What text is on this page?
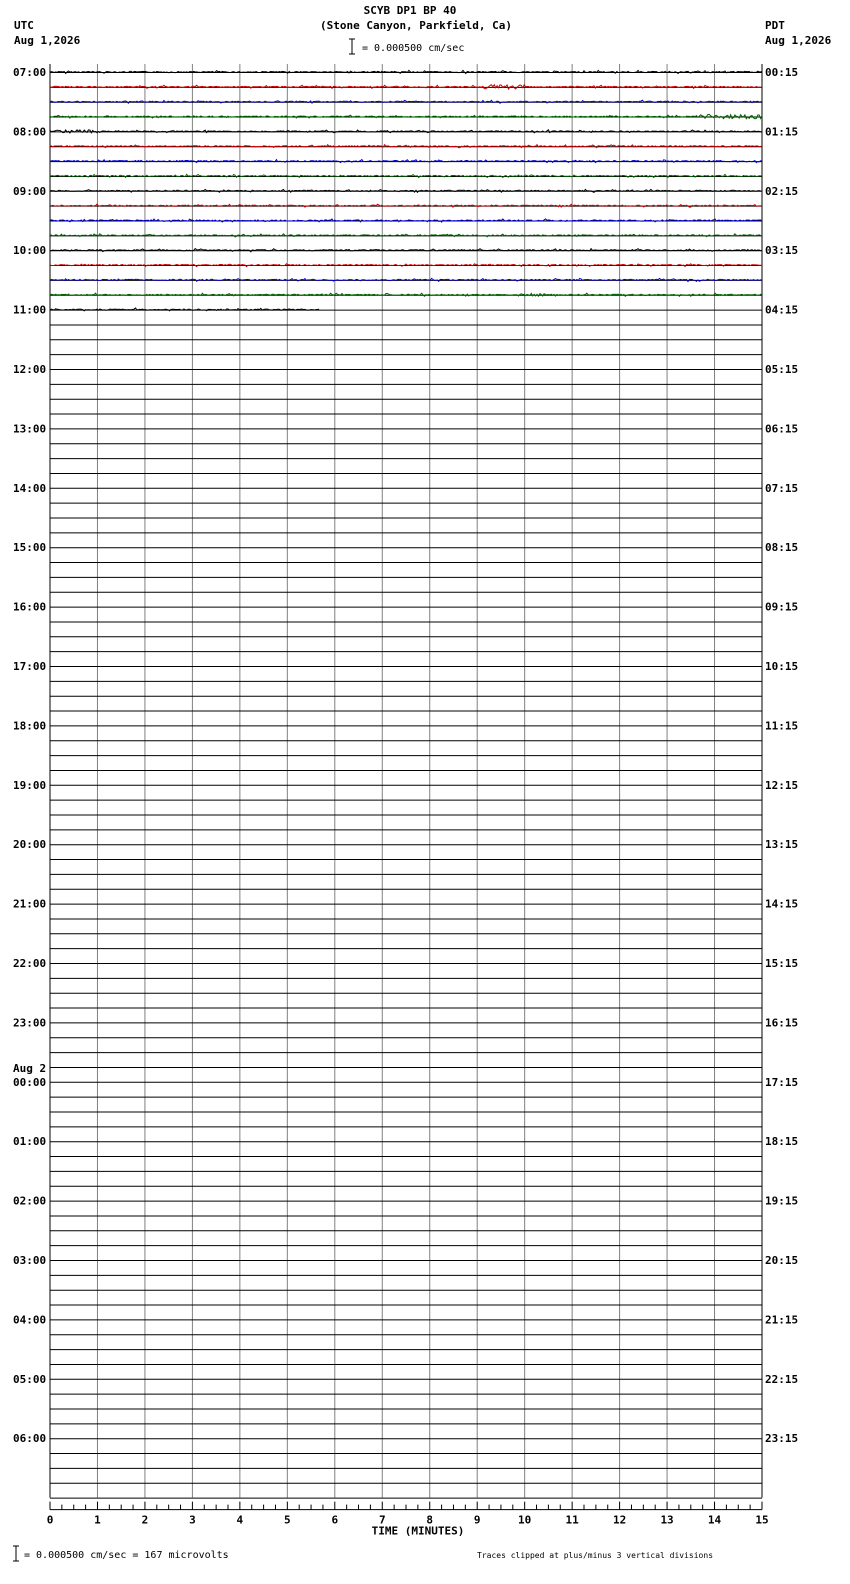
SCYB DP1 BP 40
(Stone Canyon, Parkfield, Ca)
UTC
Aug 1,2026
PDT
Aug 1,2026
= 0.000500 cm/sec
07:00
08:00
09:00
10:00
11:00
12:00
13:00
14:00
15:00
16:00
17:00
18:00
19:00
20:00
21:00
22:00
23:00
00:00
Aug 2
01:00
02:00
03:00
04:00
05:00
06:00
00:15
01:15
02:15
03:15
04:15
05:15
06:15
07:15
08:15
09:15
10:15
11:15
12:15
13:15
14:15
15:15
16:15
17:15
18:15
19:15
20:15
21:15
22:15
23:15
0	1	2	3	4	5	6	7	8	9	10	11	12	13	14	15
TIME (MINUTES)
= 0.000500 cm/sec = 167 microvolts	Traces clipped at plus/minus 3 vertical divisions
